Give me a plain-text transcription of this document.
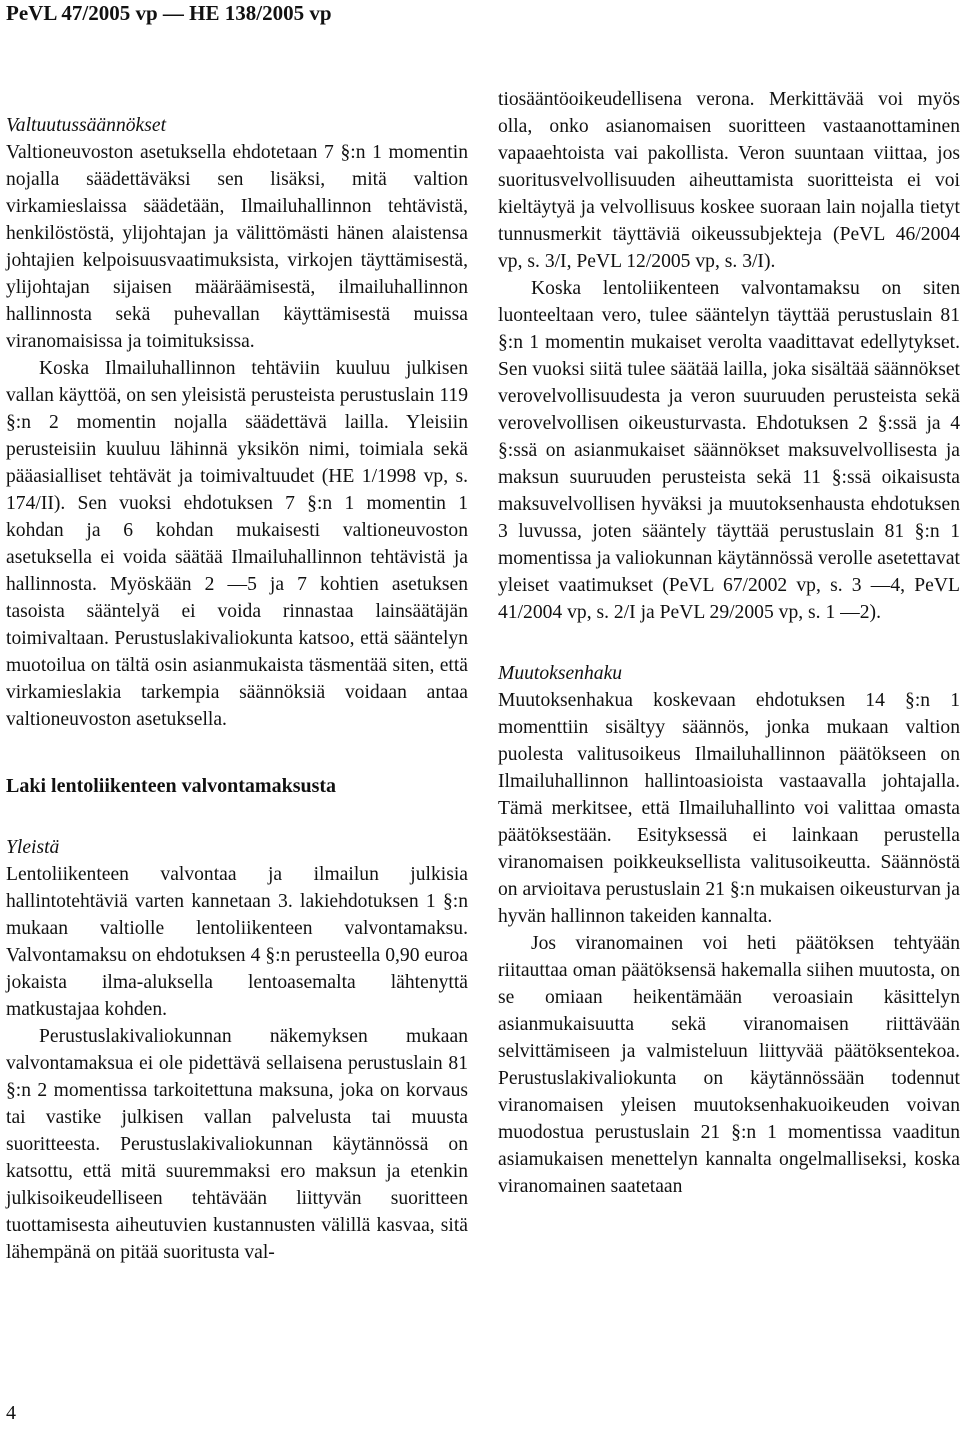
PeVL 47/2005 vp — HE 138/2005 vp

Valtuutussäännökset

Valtioneuvoston asetuksella ehdotetaan 7 §:n 1 momentin nojalla säädettäväksi sen lisäksi, mitä valtion virkamieslaissa säädetään, Ilmailuhallinnon tehtävistä, henkilöstöstä, ylijohtajan ja välittömästi hänen alaistensa johtajien kelpoisuusvaatimuksista, virkojen täyttämisestä, ylijohtajan sijaisen määräämisestä, ilmailuhallinnon hallinnosta sekä puhevallan käyttämisestä muissa viranomaisissa ja toimituksissa.

Koska Ilmailuhallinnon tehtäviin kuuluu julkisen vallan käyttöä, on sen yleisistä perusteista perustuslain 119 §:n 2 momentin nojalla säädettävä lailla. Yleisiin perusteisiin kuuluu lähinnä yksikön nimi, toimiala sekä pääasialliset tehtävät ja toimivaltuudet (HE 1/1998 vp, s. 174/II). Sen vuoksi ehdotuksen 7 §:n 1 momentin 1 kohdan ja 6 kohdan mukaisesti valtioneuvoston asetuksella ei voida säätää Ilmailuhallinnon tehtävistä ja hallinnosta. Myöskään 2 —5 ja 7 kohtien asetuksen tasoista sääntelyä ei voida rinnastaa lainsäätäjän toimivaltaan. Perustuslakivaliokunta katsoo, että sääntelyn muotoilua on tältä osin asianmukaista täsmentää siten, että virkamieslakia tarkempia säännöksiä voidaan antaa valtioneuvoston asetuksella.

Laki lentoliikenteen valvontamaksusta

Yleistä

Lentoliikenteen valvontaa ja ilmailun julkisia hallintotehtäviä varten kannetaan 3. lakiehdotuksen 1 §:n mukaan valtiolle lentoliikenteen valvontamaksu. Valvontamaksu on ehdotuksen 4 §:n perusteella 0,90 euroa jokaista ilma-aluksella lentoasemalta lähtenyttä matkustajaa kohden.

Perustuslakivaliokunnan näkemyksen mukaan valvontamaksua ei ole pidettävä sellaisena perustuslain 81 §:n 2 momentissa tarkoitettuna maksuna, joka on korvaus tai vastike julkisen vallan palvelusta tai muusta suoritteesta. Perustuslakivaliokunnan käytännössä on katsottu, että mitä suuremmaksi ero maksun ja etenkin julkisoikeudelliseen tehtävään liittyvän suoritteen tuottamisesta aiheutuvien kustannusten välillä kasvaa, sitä lähempänä on pitää suoritusta val-

tiosääntöoikeudellisena verona. Merkittävää voi myös olla, onko asianomaisen suoritteen vastaanottaminen vapaaehtoista vai pakollista. Veron suuntaan viittaa, jos suoritusvelvollisuuden aiheuttamista suoritteista ei voi kieltäytyä ja velvollisuus koskee suoraan lain nojalla tietyt tunnusmerkit täyttäviä oikeussubjekteja (PeVL 46/2004 vp, s. 3/I, PeVL 12/2005 vp, s. 3/I).

Koska lentoliikenteen valvontamaksu on siten luonteeltaan vero, tulee sääntelyn täyttää perustuslain 81 §:n 1 momentin mukaiset verolta vaadittavat edellytykset. Sen vuoksi siitä tulee säätää lailla, joka sisältää säännökset verovelvollisuudesta ja veron suuruuden perusteista sekä verovelvollisen oikeusturvasta. Ehdotuksen 2 §:ssä ja 4 §:ssä on asianmukaiset säännökset maksuvelvollisesta ja maksun suuruuden perusteista sekä 11 §:ssä oikaisusta maksuvelvollisen hyväksi ja muutoksenhausta ehdotuksen 3 luvussa, joten sääntely täyttää perustuslain 81 §:n 1 momentissa ja valiokunnan käytännössä verolle asetettavat yleiset vaatimukset (PeVL 67/2002 vp, s. 3 —4, PeVL 41/2004 vp, s. 2/I ja PeVL 29/2005 vp, s. 1 —2).

Muutoksenhaku

Muutoksenhakua koskevaan ehdotuksen 14 §:n 1 momenttiin sisältyy säännös, jonka mukaan valtion puolesta valitusoikeus Ilmailuhallinnon päätökseen on Ilmailuhallinnon hallintoasioista vastaavalla johtajalla. Tämä merkitsee, että Ilmailuhallinto voi valittaa omasta päätöksestään. Esityksessä ei lainkaan perustella viranomaisen poikkeuksellista valitusoikeutta. Säännöstä on arvioitava perustuslain 21 §:n mukaisen oikeusturvan ja hyvän hallinnon takeiden kannalta.

Jos viranomainen voi heti päätöksen tehtyään riitauttaa oman päätöksensä hakemalla siihen muutosta, on se omiaan heikentämään veroasiain käsittelyn asianmukaisuutta sekä viranomaisen riittävään selvittämiseen ja valmisteluun liittyvää päätöksentekoa. Perustuslakivaliokunta on käytännössään todennut viranomaisen yleisen muutoksenhakuoikeuden voivan muodostua perustuslain 21 §:n 1 momentissa vaaditun asiamukaisen menettelyn kannalta ongelmalliseksi, koska viranomainen saatetaan

4
